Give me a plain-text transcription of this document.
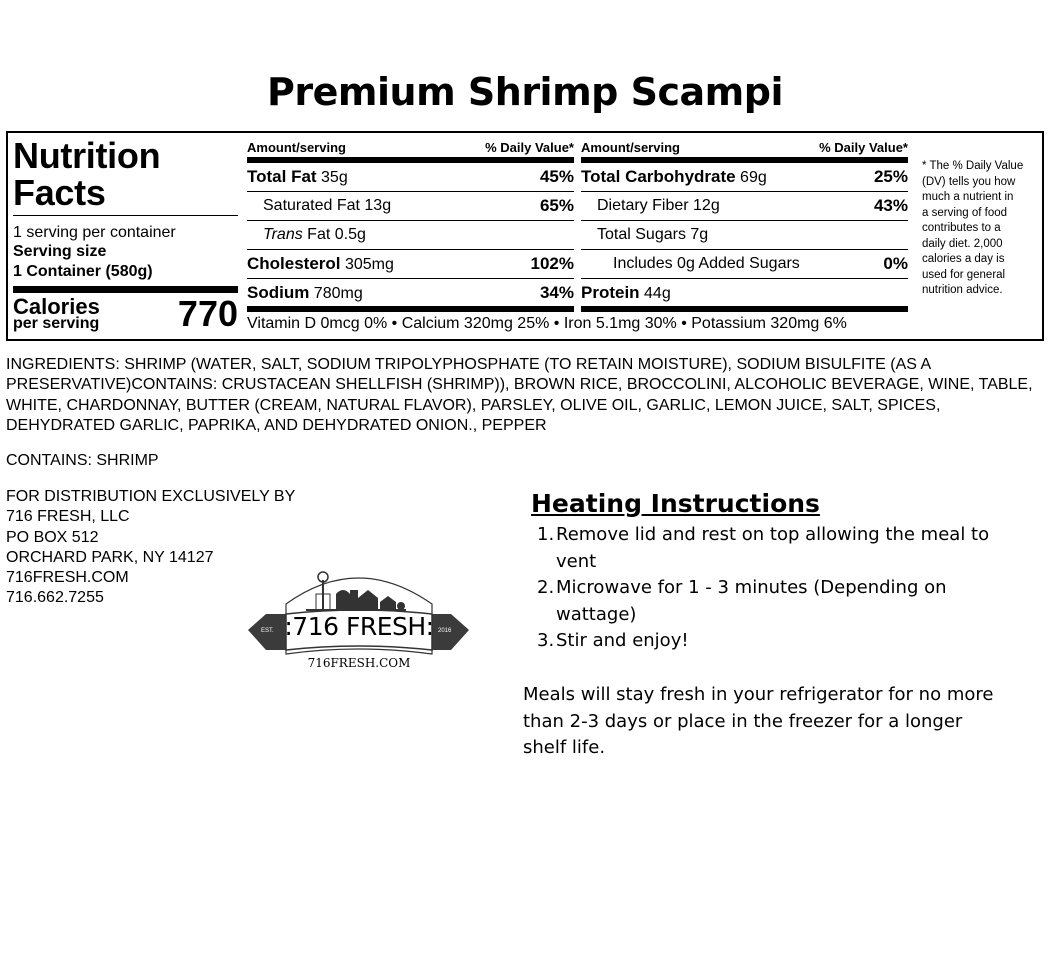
Premium Shrimp Scampi
Nutrition
Facts
1 serving per container
Serving size
1 Container (580g)
Calories
per serving 770
Amount/serving	% Daily Value*
Total Fat 35g	45%
Saturated Fat 13g	65%
Trans Fat 0.5g
Cholesterol 305mg	102%
Sodium 780mg	34%
Amount/serving	% Daily Value*
Total Carbohydrate 69g	25%
Dietary Fiber 12g	43%
Total Sugars 7g
Includes 0g Added Sugars	0%
Protein 44g
Vitamin D 0mcg 0% • Calcium 320mg 25% • Iron 5.1mg 30% • Potassium 320mg 6%
* The % Daily Value
(DV) tells you how
much a nutrient in
a serving of food
contributes to a
daily diet. 2,000
calories a day is
used for general
nutrition advice.
INGREDIENTS: SHRIMP (WATER, SALT, SODIUM TRIPOLYPHOSPHATE (TO RETAIN MOISTURE), SODIUM BISULFITE (AS A PRESERVATIVE)CONTAINS: CRUSTACEAN SHELLFISH (SHRIMP)), BROWN RICE, BROCCOLINI, ALCOHOLIC BEVERAGE, WINE, TABLE, WHITE, CHARDONNAY, BUTTER (CREAM, NATURAL FLAVOR), PARSLEY, OLIVE OIL, GARLIC, LEMON JUICE, SALT, SPICES, DEHYDRATED GARLIC, PAPRIKA, AND DEHYDRATED ONION., PEPPER
CONTAINS: SHRIMP
FOR DISTRIBUTION EXCLUSIVELY BY
716 FRESH, LLC
PO BOX 512
ORCHARD PARK, NY 14127
716FRESH.COM
716.662.7255
:716 FRESH:
716FRESH.COM
EST.	2016
Heating Instructions
1. Remove lid and rest on top allowing the meal to vent
2. Microwave for 1 - 3 minutes (Depending on wattage)
3. Stir and enjoy!
Meals will stay fresh in your refrigerator for no more than 2-3 days or place in the freezer for a longer shelf life.
